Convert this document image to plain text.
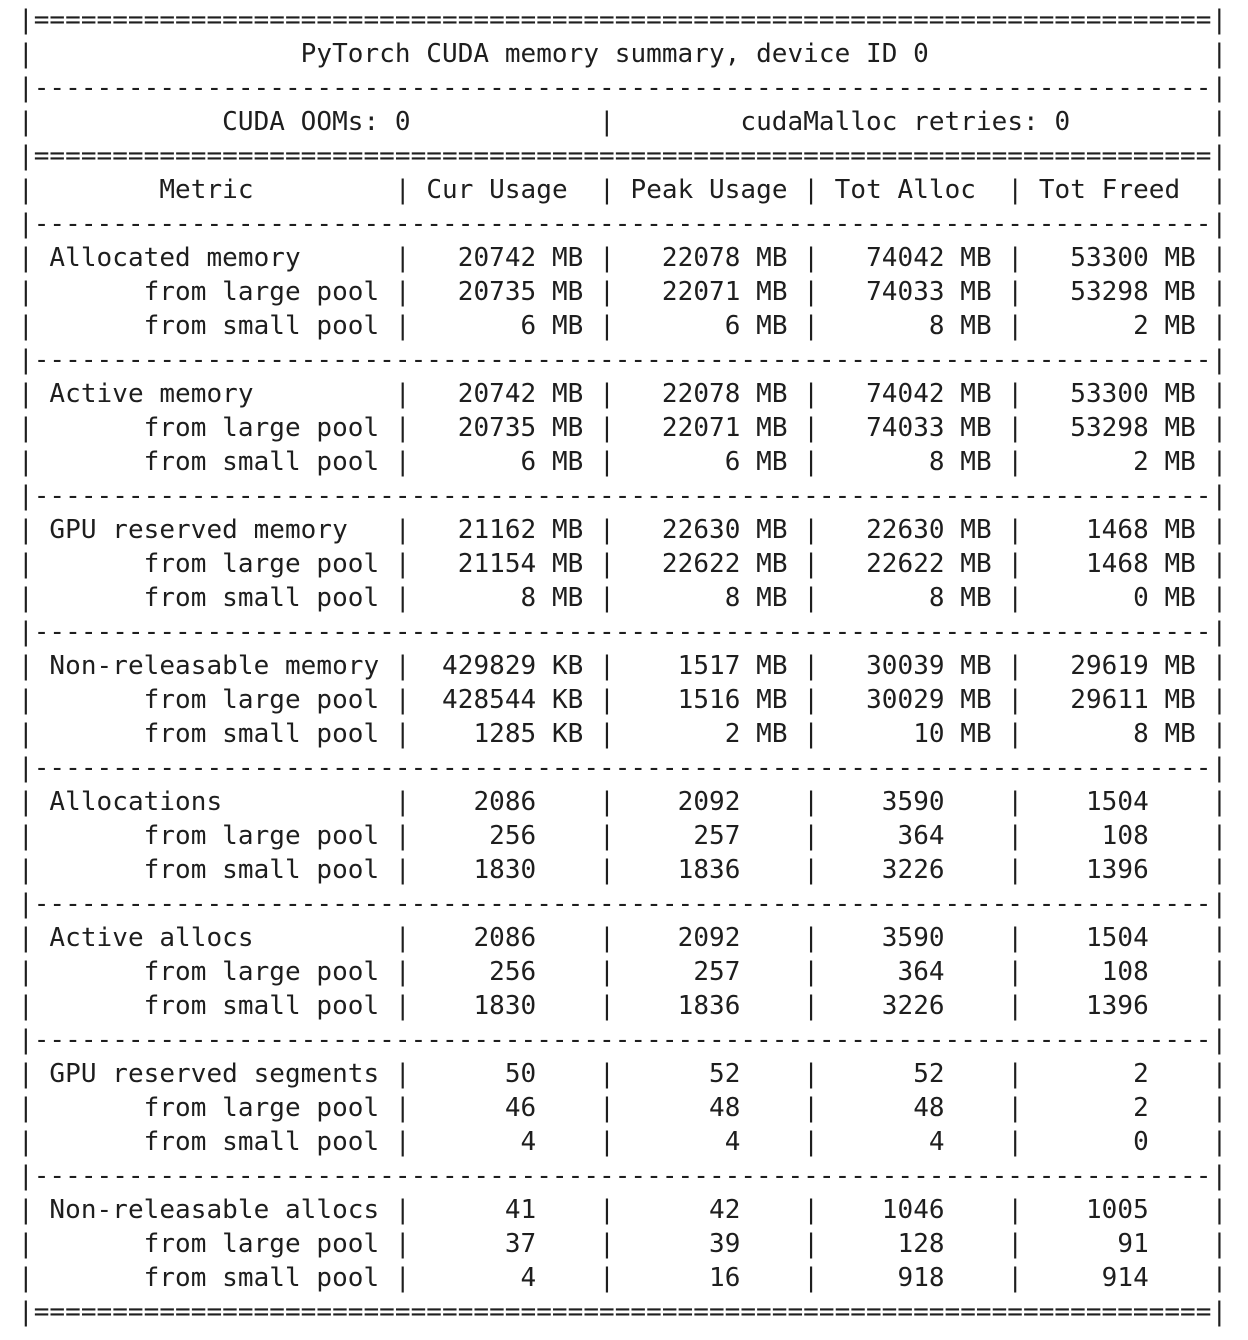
|===========================================================================|
|                 PyTorch CUDA memory summary, device ID 0                  |
|---------------------------------------------------------------------------|
|            CUDA OOMs: 0            |        cudaMalloc retries: 0         |
|===========================================================================|
|        Metric         | Cur Usage  | Peak Usage | Tot Alloc  | Tot Freed  |
|---------------------------------------------------------------------------|
| Allocated memory      |   20742 MB |   22078 MB |   74042 MB |   53300 MB |
|       from large pool |   20735 MB |   22071 MB |   74033 MB |   53298 MB |
|       from small pool |       6 MB |       6 MB |       8 MB |       2 MB |
|---------------------------------------------------------------------------|
| Active memory         |   20742 MB |   22078 MB |   74042 MB |   53300 MB |
|       from large pool |   20735 MB |   22071 MB |   74033 MB |   53298 MB |
|       from small pool |       6 MB |       6 MB |       8 MB |       2 MB |
|---------------------------------------------------------------------------|
| GPU reserved memory   |   21162 MB |   22630 MB |   22630 MB |    1468 MB |
|       from large pool |   21154 MB |   22622 MB |   22622 MB |    1468 MB |
|       from small pool |       8 MB |       8 MB |       8 MB |       0 MB |
|---------------------------------------------------------------------------|
| Non-releasable memory |  429829 KB |    1517 MB |   30039 MB |   29619 MB |
|       from large pool |  428544 KB |    1516 MB |   30029 MB |   29611 MB |
|       from small pool |    1285 KB |       2 MB |      10 MB |       8 MB |
|---------------------------------------------------------------------------|
| Allocations           |    2086    |    2092    |    3590    |    1504    |
|       from large pool |     256    |     257    |     364    |     108    |
|       from small pool |    1830    |    1836    |    3226    |    1396    |
|---------------------------------------------------------------------------|
| Active allocs         |    2086    |    2092    |    3590    |    1504    |
|       from large pool |     256    |     257    |     364    |     108    |
|       from small pool |    1830    |    1836    |    3226    |    1396    |
|---------------------------------------------------------------------------|
| GPU reserved segments |      50    |      52    |      52    |       2    |
|       from large pool |      46    |      48    |      48    |       2    |
|       from small pool |       4    |       4    |       4    |       0    |
|---------------------------------------------------------------------------|
| Non-releasable allocs |      41    |      42    |    1046    |    1005    |
|       from large pool |      37    |      39    |     128    |      91    |
|       from small pool |       4    |      16    |     918    |     914    |
|===========================================================================|
